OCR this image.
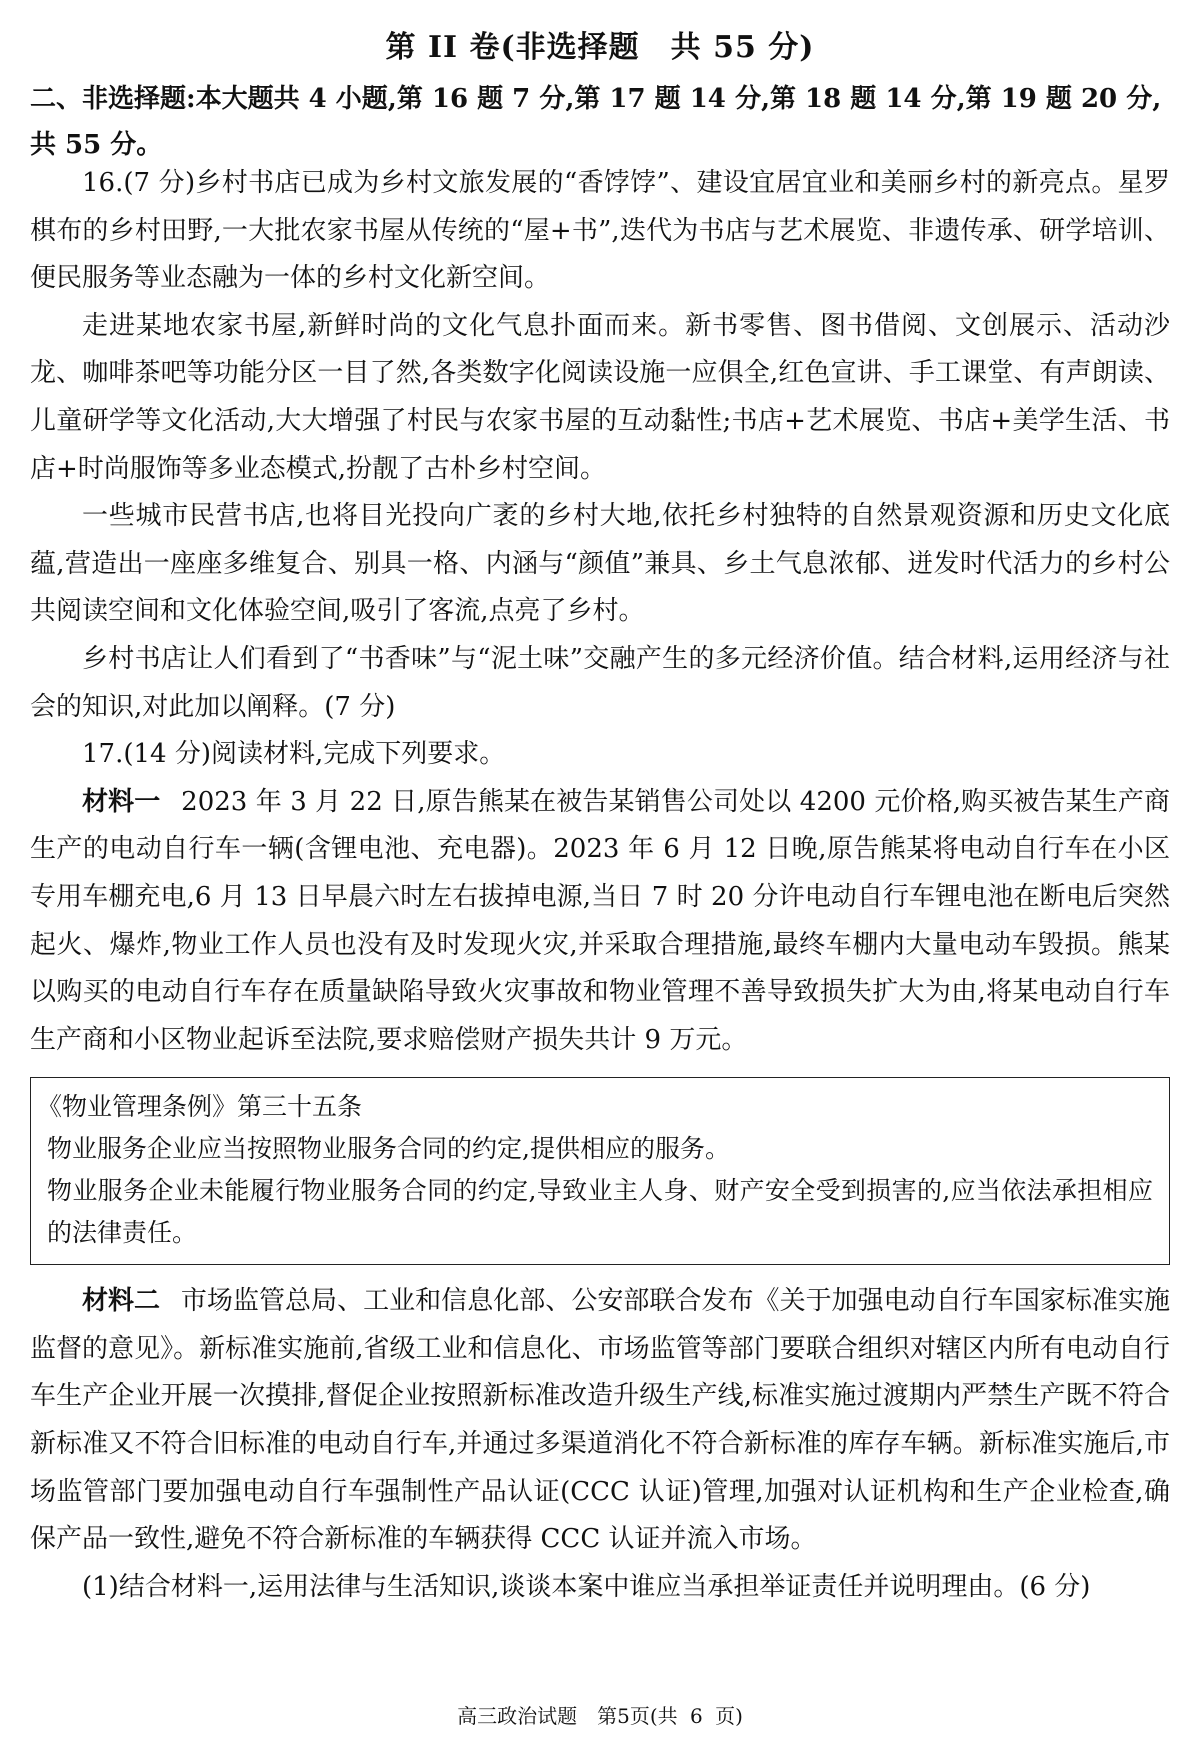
第 II 卷(非选择题　共 55 分)

二、非选择题:本大题共 4 小题,第 16 题 7 分,第 17 题 14 分,第 18 题 14 分,第 19 题 20 分,共 55 分。

16.(7 分)乡村书店已成为乡村文旅发展的“香饽饽”、建设宜居宜业和美丽乡村的新亮点。星罗棋布的乡村田野,一大批农家书屋从传统的“屋+书”,迭代为书店与艺术展览、非遗传承、研学培训、便民服务等业态融为一体的乡村文化新空间。

走进某地农家书屋,新鲜时尚的文化气息扑面而来。新书零售、图书借阅、文创展示、活动沙龙、咖啡茶吧等功能分区一目了然,各类数字化阅读设施一应俱全,红色宣讲、手工课堂、有声朗读、儿童研学等文化活动,大大增强了村民与农家书屋的互动黏性;书店+艺术展览、书店+美学生活、书店+时尚服饰等多业态模式,扮靓了古朴乡村空间。

一些城市民营书店,也将目光投向广袤的乡村大地,依托乡村独特的自然景观资源和历史文化底蕴,营造出一座座多维复合、别具一格、内涵与“颜值”兼具、乡土气息浓郁、迸发时代活力的乡村公共阅读空间和文化体验空间,吸引了客流,点亮了乡村。

乡村书店让人们看到了“书香味”与“泥土味”交融产生的多元经济价值。结合材料,运用经济与社会的知识,对此加以阐释。(7 分)

17.(14 分)阅读材料,完成下列要求。

材料一 2023 年 3 月 22 日,原告熊某在被告某销售公司处以 4200 元价格,购买被告某生产商生产的电动自行车一辆(含锂电池、充电器)。2023 年 6 月 12 日晚,原告熊某将电动自行车在小区专用车棚充电,6 月 13 日早晨六时左右拔掉电源,当日 7 时 20 分许电动自行车锂电池在断电后突然起火、爆炸,物业工作人员也没有及时发现火灾,并采取合理措施,最终车棚内大量电动车毁损。熊某以购买的电动自行车存在质量缺陷导致火灾事故和物业管理不善导致损失扩大为由,将某电动自行车生产商和小区物业起诉至法院,要求赔偿财产损失共计 9 万元。

《物业管理条例》第三十五条

物业服务企业应当按照物业服务合同的约定,提供相应的服务。

物业服务企业未能履行物业服务合同的约定,导致业主人身、财产安全受到损害的,应当依法承担相应的法律责任。

材料二 市场监管总局、工业和信息化部、公安部联合发布《关于加强电动自行车国家标准实施监督的意见》。新标准实施前,省级工业和信息化、市场监管等部门要联合组织对辖区内所有电动自行车生产企业开展一次摸排,督促企业按照新标准改造升级生产线,标准实施过渡期内严禁生产既不符合新标准又不符合旧标准的电动自行车,并通过多渠道消化不符合新标准的库存车辆。新标准实施后,市场监管部门要加强电动自行车强制性产品认证(CCC 认证)管理,加强对认证机构和生产企业检查,确保产品一致性,避免不符合新标准的车辆获得 CCC 认证并流入市场。

(1)结合材料一,运用法律与生活知识,谈谈本案中谁应当承担举证责任并说明理由。(6 分)

高三政治试题　第5页(共 6 页)
